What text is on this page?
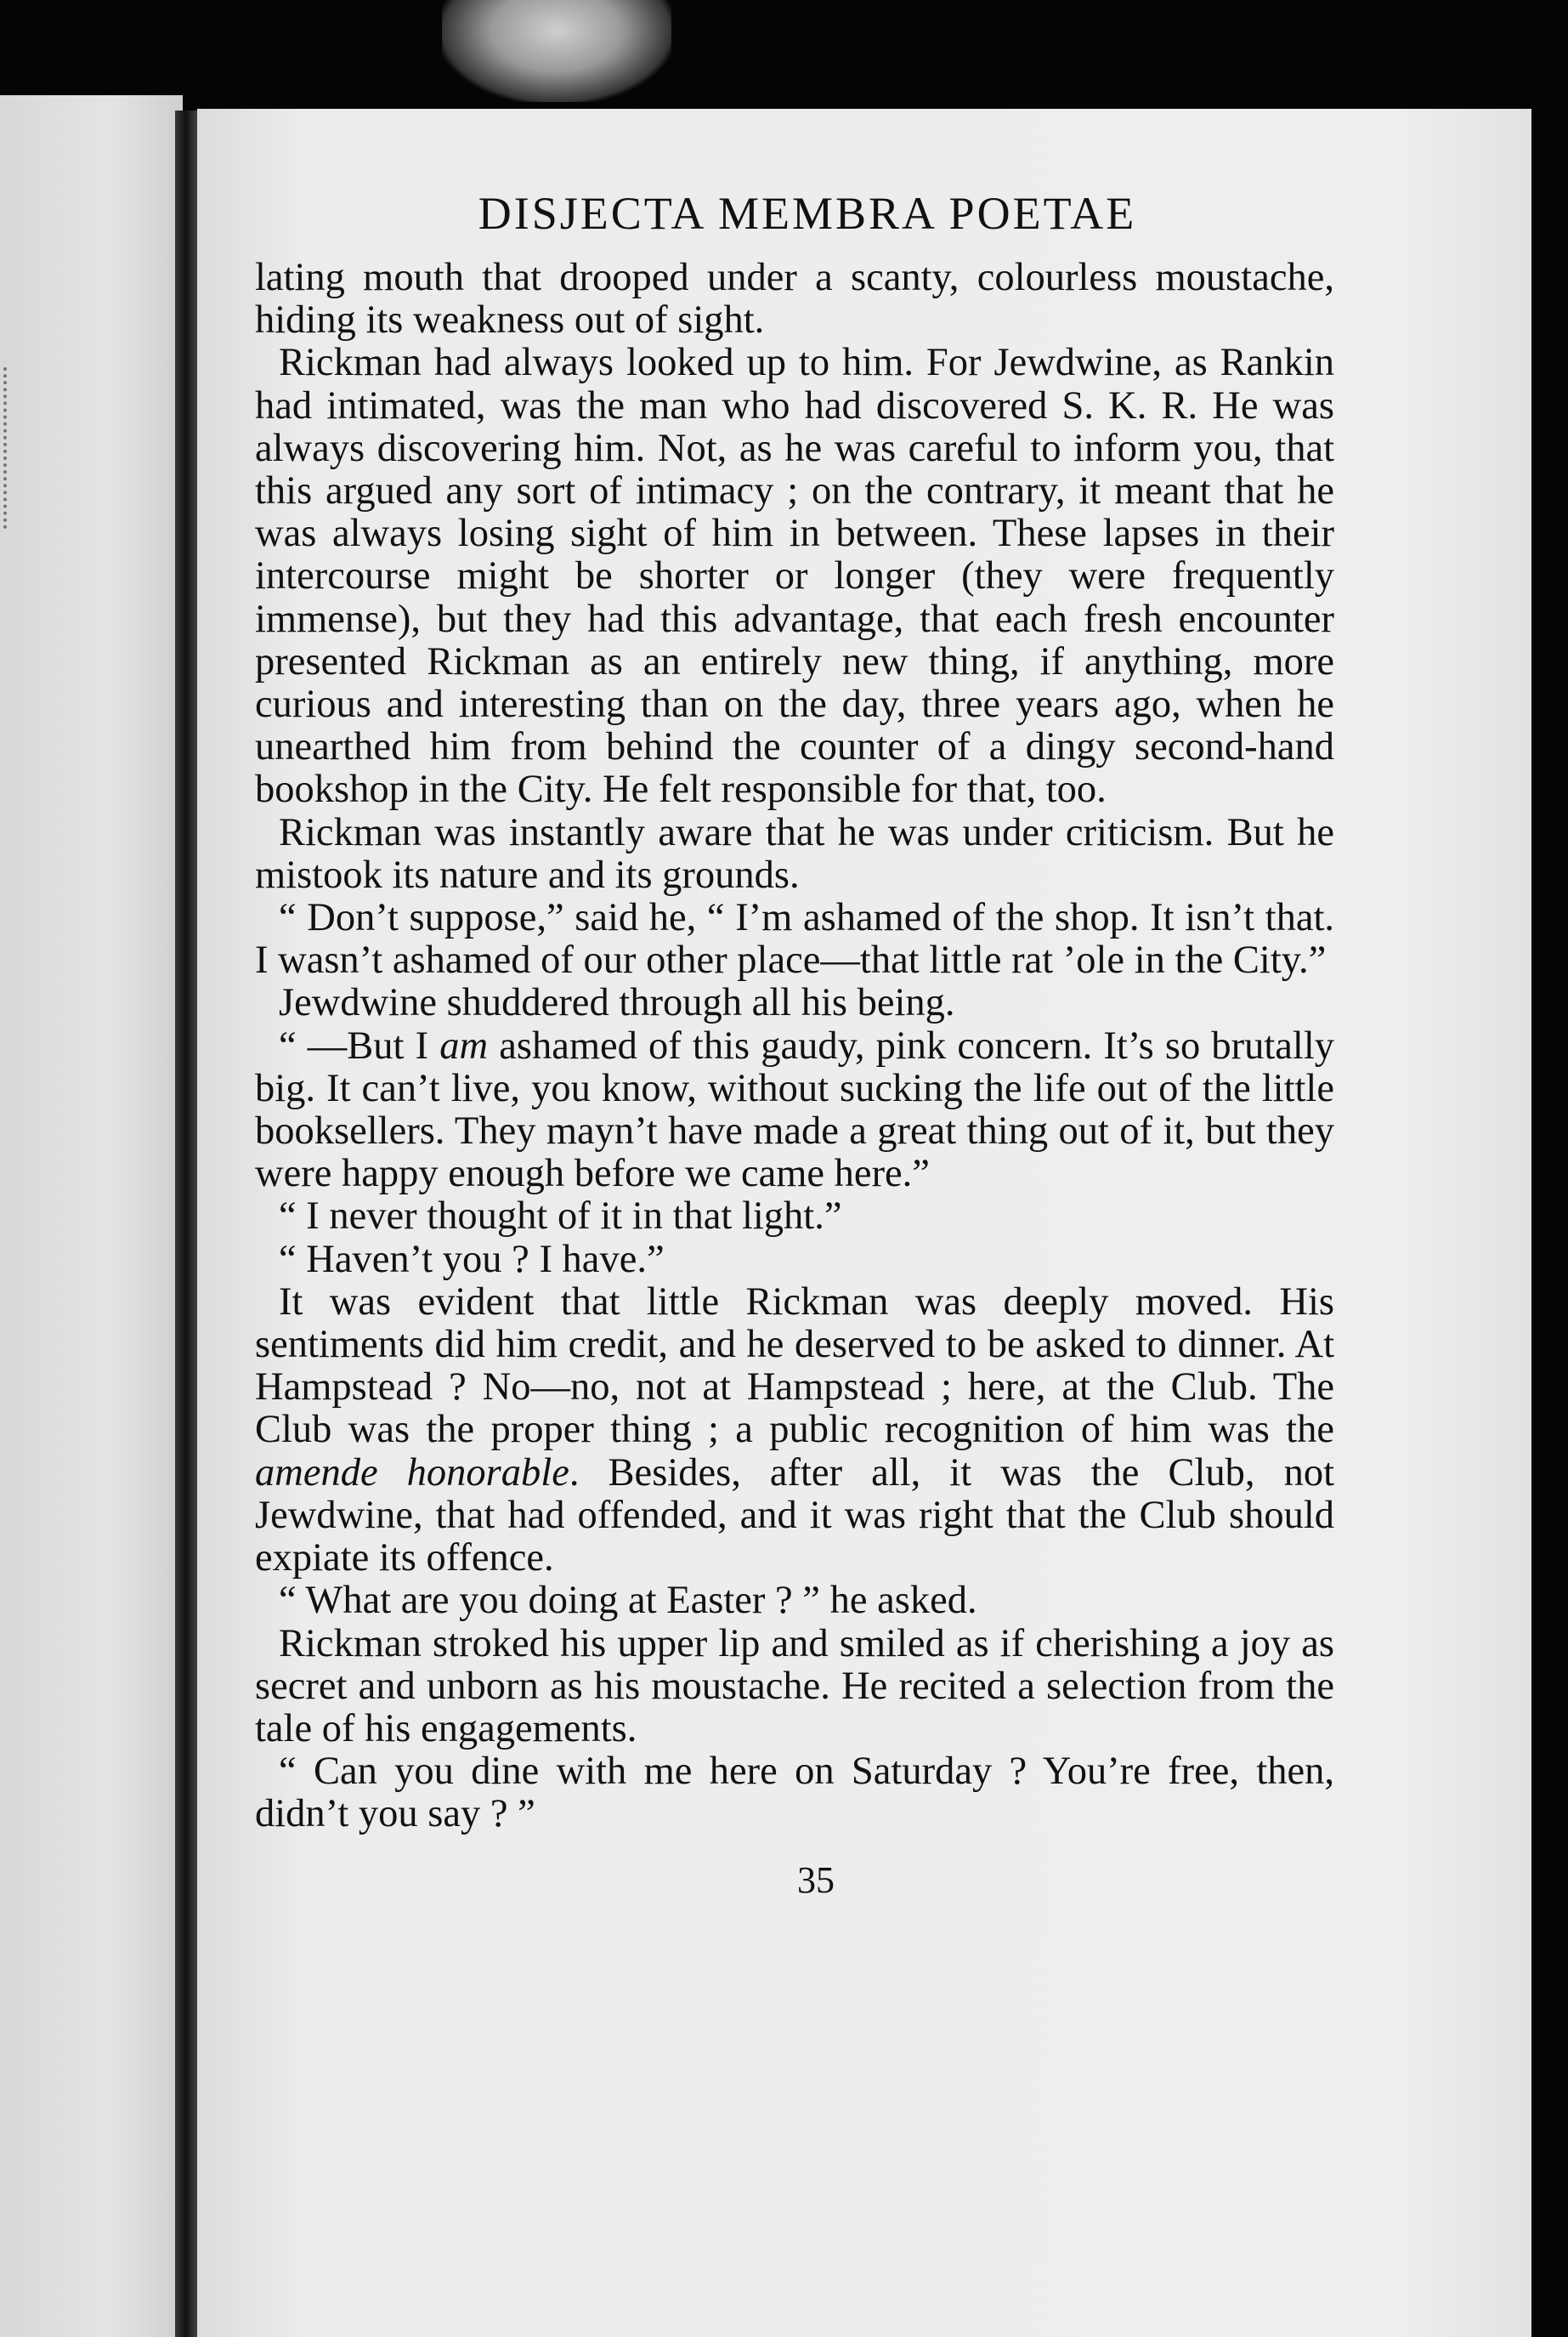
DISJECTA MEMBRA POETAE

lating mouth that drooped under a scanty, colourless moustache, hiding its weakness out of sight.

Rickman had always looked up to him. For Jewdwine, as Rankin had intimated, was the man who had discovered S. K. R. He was always discovering him. Not, as he was careful to inform you, that this argued any sort of intimacy ; on the contrary, it meant that he was always losing sight of him in between. These lapses in their intercourse might be shorter or longer (they were frequently immense), but they had this advantage, that each fresh encounter presented Rickman as an entirely new thing, if anything, more curious and interesting than on the day, three years ago, when he unearthed him from behind the counter of a dingy second-hand bookshop in the City. He felt responsible for that, too.

Rickman was instantly aware that he was under criticism. But he mistook its nature and its grounds.

“ Don’t suppose,” said he, “ I’m ashamed of the shop. It isn’t that. I wasn’t ashamed of our other place—that little rat ’ole in the City.”

Jewdwine shuddered through all his being.

“ —But I am ashamed of this gaudy, pink concern. It’s so brutally big. It can’t live, you know, without sucking the life out of the little booksellers. They mayn’t have made a great thing out of it, but they were happy enough before we came here.”

“ I never thought of it in that light.”

“ Haven’t you ? I have.”

It was evident that little Rickman was deeply moved. His sentiments did him credit, and he deserved to be asked to dinner. At Hampstead ? No—no, not at Hampstead ; here, at the Club. The Club was the proper thing ; a public recognition of him was the amende honorable. Besides, after all, it was the Club, not Jewdwine, that had offended, and it was right that the Club should expiate its offence.

“ What are you doing at Easter ? ” he asked.

Rickman stroked his upper lip and smiled as if cherishing a joy as secret and unborn as his moustache. He recited a selection from the tale of his engagements.

“ Can you dine with me here on Saturday ? You’re free, then, didn’t you say ? ”

35
